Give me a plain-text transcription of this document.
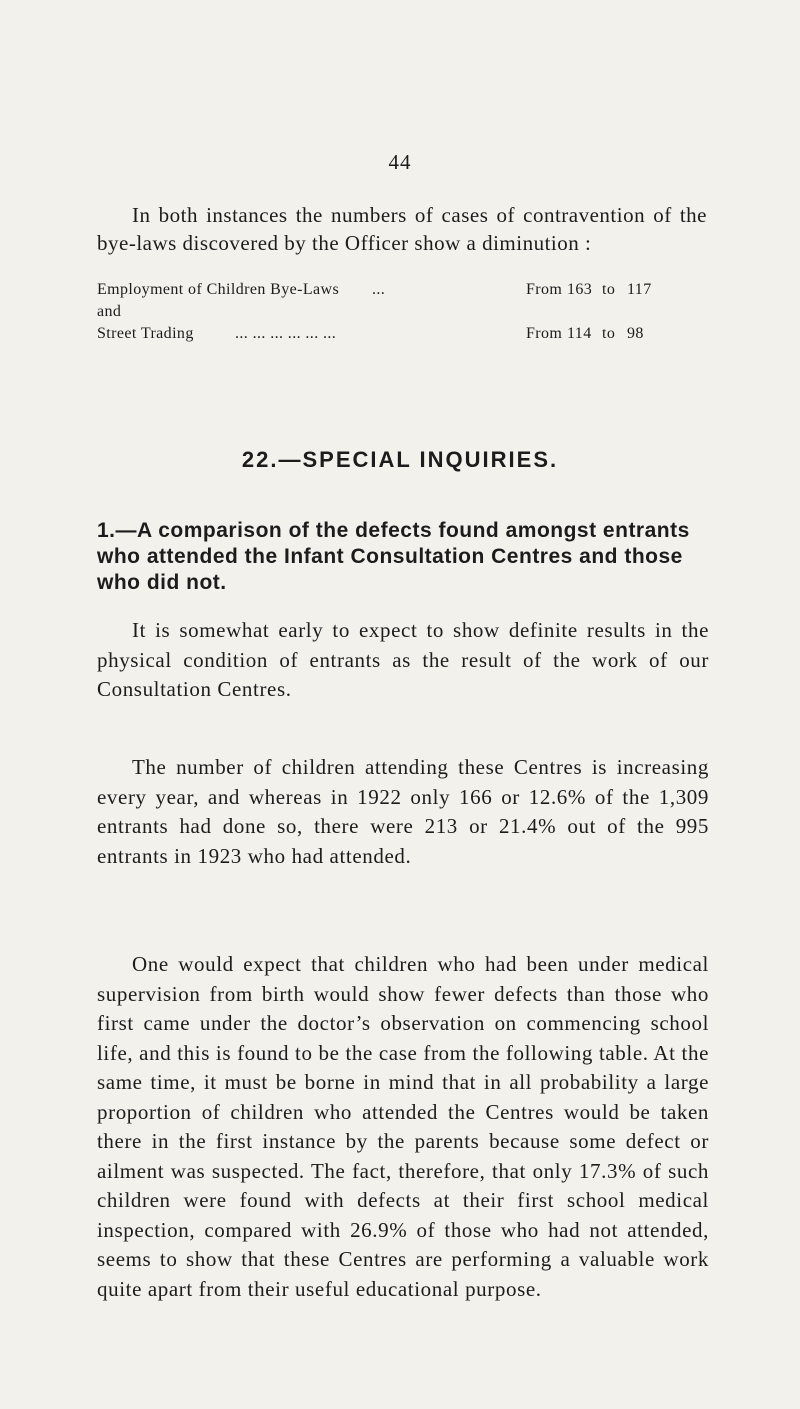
44

In both instances the numbers of cases of contravention of the bye-laws discovered by the Officer show a diminution :

Employment of Children Bye-Laws ...	From 163 to 117
and
Street Trading	... ... ... ... ... ...	From 114 to 98
22.—SPECIAL INQUIRIES.
1.—A comparison of the defects found amongst entrants who attended the Infant Consultation Centres and those who did not.

It is somewhat early to expect to show definite results in the physical condition of entrants as the result of the work of our Consultation Centres.

The number of children attending these Centres is increasing every year, and whereas in 1922 only 166 or 12.6% of the 1,309 entrants had done so, there were 213 or 21.4% out of the 995 entrants in 1923 who had attended.

One would expect that children who had been under medical supervision from birth would show fewer defects than those who first came under the doctor’s observation on commencing school life, and this is found to be the case from the following table. At the same time, it must be borne in mind that in all probability a large proportion of children who attended the Centres would be taken there in the first instance by the parents because some defect or ailment was suspected. The fact, therefore, that only 17.3% of such children were found with defects at their first school medical inspection, compared with 26.9% of those who had not attended, seems to show that these Centres are performing a valuable work quite apart from their useful educational purpose.
